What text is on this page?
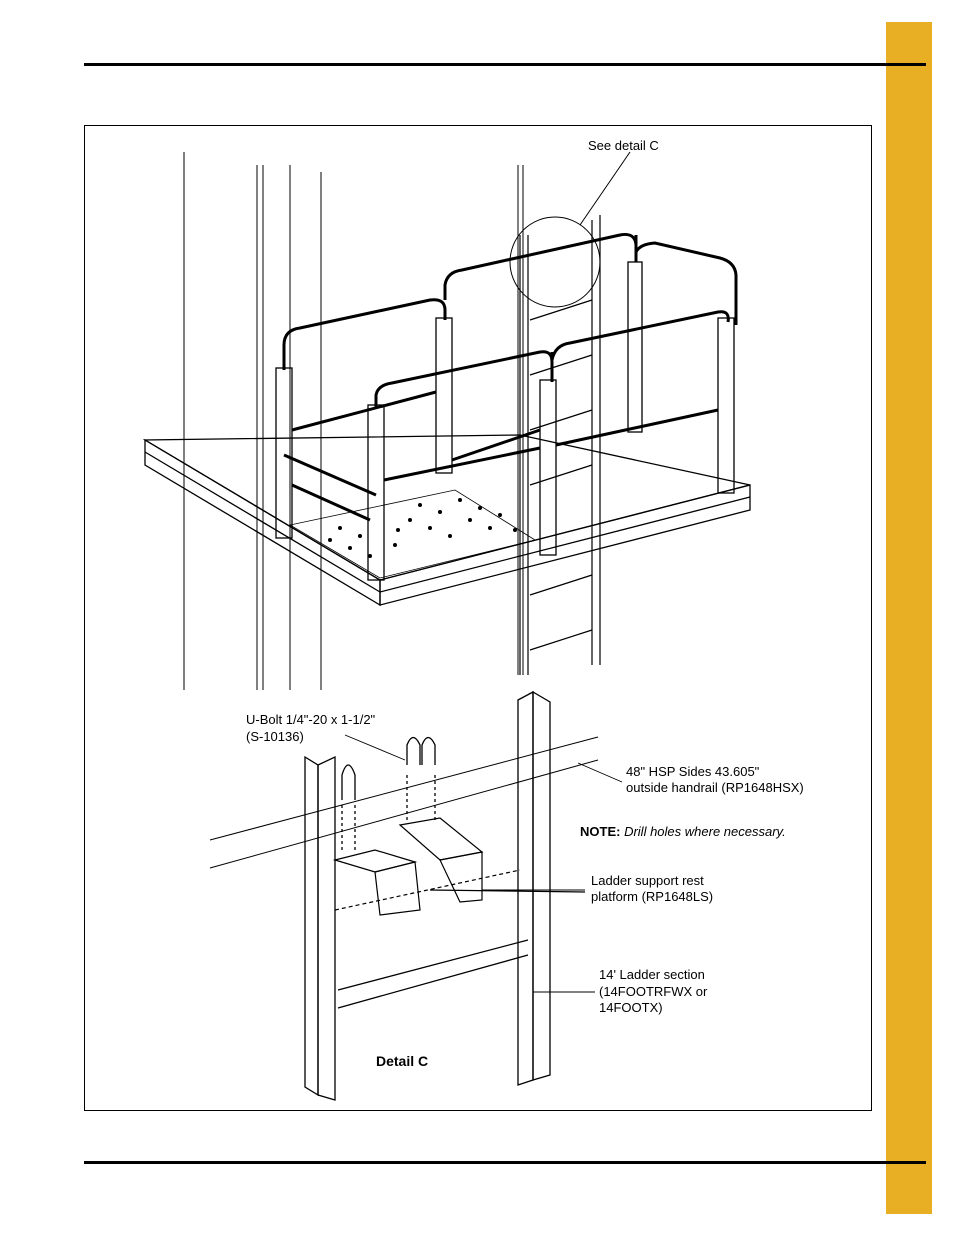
See detail C
U-Bolt 1/4"-20 x 1-1/2"
(S-10136)
48" HSP Sides 43.605"
outside handrail (RP1648HSX)
NOTE: Drill holes where necessary.
Ladder support rest
platform (RP1648LS)
14' Ladder section
(14FOOTRFWX or
14FOOTX)
Detail C
